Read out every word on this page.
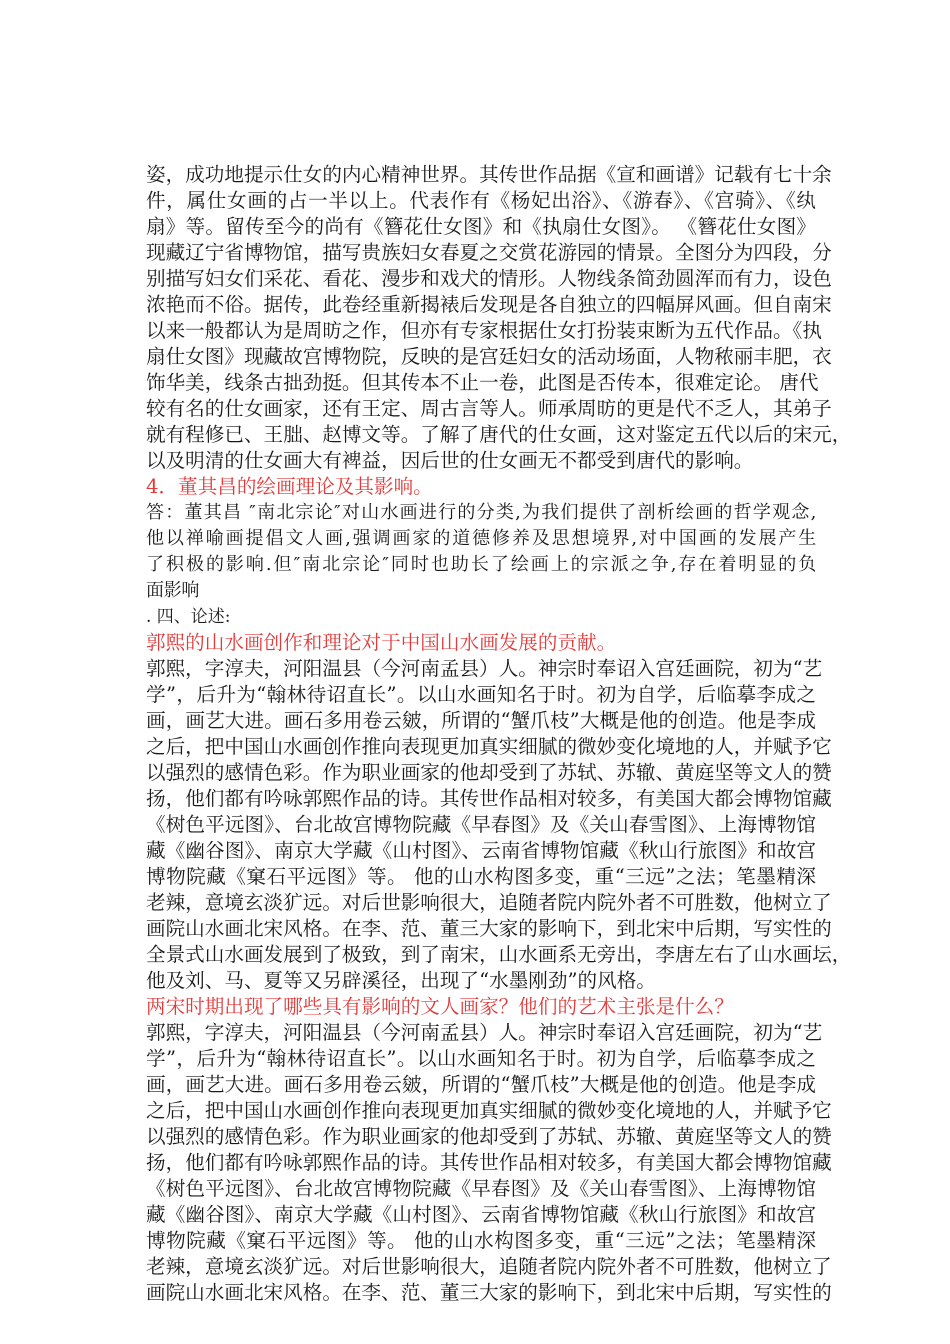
姿，成功地提示仕女的内心精神世界。其传世作品据《宣和画谱》记载有七十余
件，属仕女画的占一半以上。代表作有《杨妃出浴》、《游春》、《宫骑》、《纨
扇》等。留传至今的尚有《簪花仕女图》和《执扇仕女图》。 《簪花仕女图》
现藏辽宁省博物馆，描写贵族妇女春夏之交赏花游园的情景。全图分为四段，分
别描写妇女们采花、看花、漫步和戏犬的情形。人物线条简劲圆浑而有力，设色
浓艳而不俗。据传，此卷经重新揭裱后发现是各自独立的四幅屏风画。但自南宋
以来一般都认为是周昉之作，但亦有专家根据仕女打扮装束断为五代作品。《执
扇仕女图》现藏故宫博物院，反映的是宫廷妇女的活动场面，人物秾丽丰肥，衣
饰华美，线条古拙劲挺。但其传本不止一卷，此图是否传本，很难定论。 唐代
较有名的仕女画家，还有王定、周古言等人。师承周昉的更是代不乏人，其弟子
就有程修已、王朏、赵博文等。了解了唐代的仕女画，这对鉴定五代以后的宋元，
以及明清的仕女画大有裨益，因后世的仕女画无不都受到唐代的影响。
4．董其昌的绘画理论及其影响。
答：董其昌 ″南北宗论″对山水画进行的分类,为我们提供了剖析绘画的哲学观念,
他以禅喻画提倡文人画,强调画家的道德修养及思想境界,对中国画的发展产生
了积极的影响.但″南北宗论″同时也助长了绘画上的宗派之争,存在着明显的负
面影响
. 四、论述:
郭熙的山水画创作和理论对于中国山水画发展的贡献。
郭熙，字淳夫，河阳温县（今河南孟县）人。神宗时奉诏入宫廷画院，初为“艺
学”，后升为“翰林待诏直长”。以山水画知名于时。初为自学，后临摹李成之
画，画艺大进。画石多用卷云皴，所谓的“蟹爪枝”大概是他的创造。他是李成
之后，把中国山水画创作推向表现更加真实细腻的微妙变化境地的人，并赋予它
以强烈的感情色彩。作为职业画家的他却受到了苏轼、苏辙、黄庭坚等文人的赞
扬，他们都有吟咏郭熙作品的诗。其传世作品相对较多，有美国大都会博物馆藏
《树色平远图》、台北故宫博物院藏《早春图》及《关山春雪图》、上海博物馆
藏《幽谷图》、南京大学藏《山村图》、云南省博物馆藏《秋山行旅图》和故宫
博物院藏《窠石平远图》等。 他的山水构图多变，重“三远”之法；笔墨精深
老辣，意境玄淡犷远。对后世影响很大，追随者院内院外者不可胜数，他树立了
画院山水画北宋风格。在李、范、董三大家的影响下，到北宋中后期，写实性的
全景式山水画发展到了极致，到了南宋，山水画系无旁出，李唐左右了山水画坛，
他及刘、马、夏等又另辟溪径，出现了“水墨刚劲”的风格。
两宋时期出现了哪些具有影响的文人画家？他们的艺术主张是什么？
郭熙，字淳夫，河阳温县（今河南孟县）人。神宗时奉诏入宫廷画院，初为“艺
学”，后升为“翰林待诏直长”。以山水画知名于时。初为自学，后临摹李成之
画，画艺大进。画石多用卷云皴，所谓的“蟹爪枝”大概是他的创造。他是李成
之后，把中国山水画创作推向表现更加真实细腻的微妙变化境地的人，并赋予它
以强烈的感情色彩。作为职业画家的他却受到了苏轼、苏辙、黄庭坚等文人的赞
扬，他们都有吟咏郭熙作品的诗。其传世作品相对较多，有美国大都会博物馆藏
《树色平远图》、台北故宫博物院藏《早春图》及《关山春雪图》、上海博物馆
藏《幽谷图》、南京大学藏《山村图》、云南省博物馆藏《秋山行旅图》和故宫
博物院藏《窠石平远图》等。 他的山水构图多变，重“三远”之法；笔墨精深
老辣，意境玄淡犷远。对后世影响很大，追随者院内院外者不可胜数，他树立了
画院山水画北宋风格。在李、范、董三大家的影响下，到北宋中后期，写实性的
